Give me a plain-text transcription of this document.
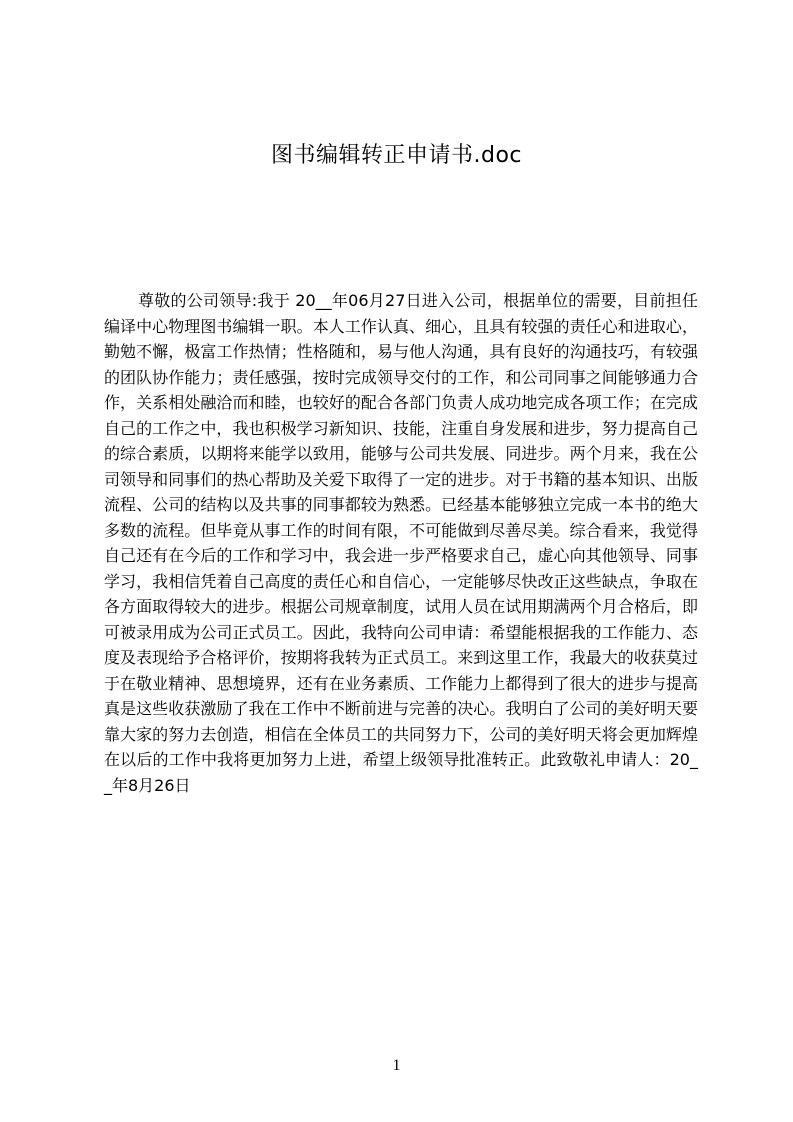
图书编辑转正申请书.doc

尊敬的公司领导:我于 20__年06月27日进入公司，根据单位的需要，目前担任编译中心物理图书编辑一职。本人工作认真、细心，且具有较强的责任心和进取心，勤勉不懈，极富工作热情；性格随和，易与他人沟通，具有良好的沟通技巧，有较强的团队协作能力；责任感强，按时完成领导交付的工作，和公司同事之间能够通力合作，关系相处融洽而和睦，也较好的配合各部门负责人成功地完成各项工作；在完成自己的工作之中，我也积极学习新知识、技能，注重自身发展和进步，努力提高自己的综合素质，以期将来能学以致用，能够与公司共发展、同进步。两个月来，我在公司领导和同事们的热心帮助及关爱下取得了一定的进步。对于书籍的基本知识、出版流程、公司的结构以及共事的同事都较为熟悉。已经基本能够独立完成一本书的绝大多数的流程。但毕竟从事工作的时间有限，不可能做到尽善尽美。综合看来，我觉得自己还有在今后的工作和学习中，我会进一步严格要求自己，虚心向其他领导、同事学习，我相信凭着自己高度的责任心和自信心，一定能够尽快改正这些缺点，争取在各方面取得较大的进步。根据公司规章制度，试用人员在试用期满两个月合格后，即可被录用成为公司正式员工。因此，我特向公司申请：希望能根据我的工作能力、态度及表现给予合格评价，按期将我转为正式员工。来到这里工作，我最大的收获莫过于在敬业精神、思想境界，还有在业务素质、工作能力上都得到了很大的进步与提高真是这些收获激励了我在工作中不断前进与完善的决心。我明白了公司的美好明天要靠大家的努力去创造，相信在全体员工的共同努力下，公司的美好明天将会更加辉煌在以后的工作中我将更加努力上进，希望上级领导批准转正。此致敬礼申请人：20__年8月26日

1
